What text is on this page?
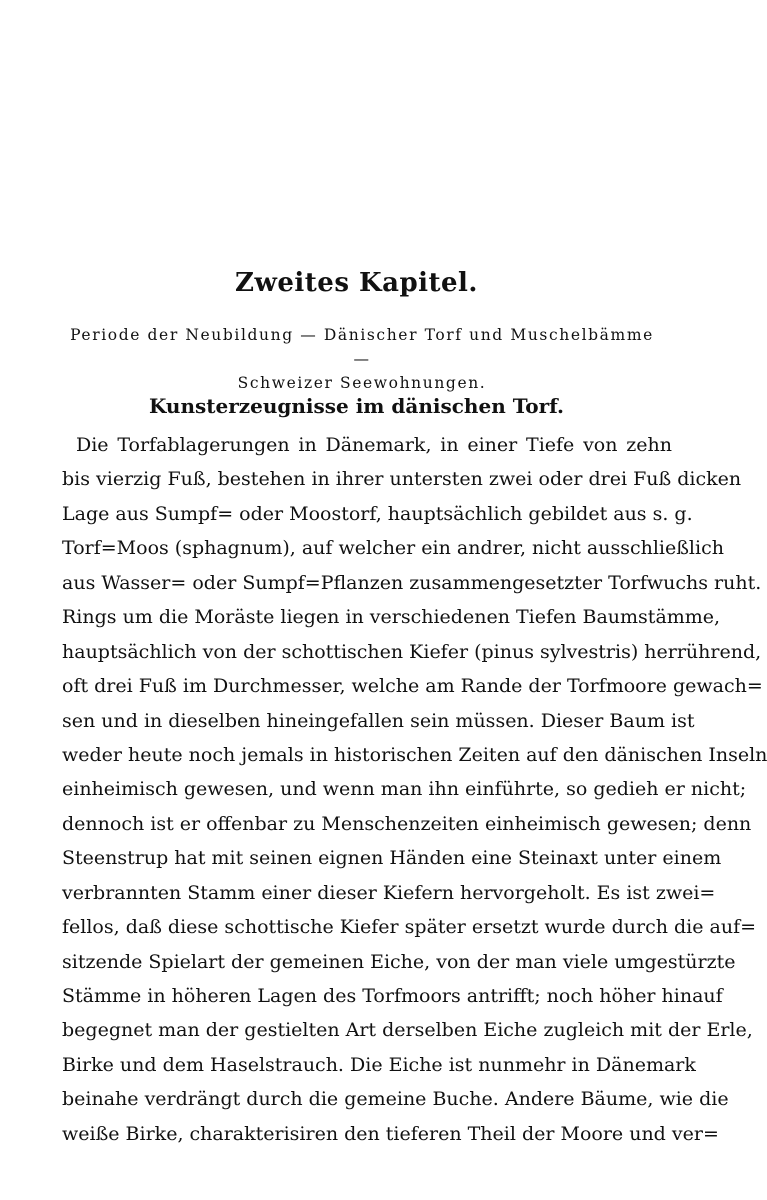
Zweites Kapitel.
Periode der Neubildung — Dänischer Torf und Muschelbämme —
Schweizer Seewohnungen.
Kunsterzeugnisse im dänischen Torf.
Die Torfablagerungen in Dänemark, in einer Tiefe von zehn
bis vierzig Fuß, bestehen in ihrer untersten zwei oder drei Fuß dicken
Lage aus Sumpf= oder Moostorf, hauptsächlich gebildet aus s. g.
Torf=Moos (sphagnum), auf welcher ein andrer, nicht ausschließlich
aus Wasser= oder Sumpf=Pflanzen zusammengesetzter Torfwuchs ruht.
Rings um die Moräste liegen in verschiedenen Tiefen Baumstämme,
hauptsächlich von der schottischen Kiefer (pinus sylvestris) herrührend,
oft drei Fuß im Durchmesser, welche am Rande der Torfmoore gewach=
sen und in dieselben hineingefallen sein müssen. Dieser Baum ist
weder heute noch jemals in historischen Zeiten auf den dänischen Inseln
einheimisch gewesen, und wenn man ihn einführte, so gedieh er nicht;
dennoch ist er offenbar zu Menschenzeiten einheimisch gewesen; denn
Steenstrup hat mit seinen eignen Händen eine Steinaxt unter einem
verbrannten Stamm einer dieser Kiefern hervorgeholt. Es ist zwei=
fellos, daß diese schottische Kiefer später ersetzt wurde durch die auf=
sitzende Spielart der gemeinen Eiche, von der man viele umgestürzte
Stämme in höheren Lagen des Torfmoors antrifft; noch höher hinauf
begegnet man der gestielten Art derselben Eiche zugleich mit der Erle,
Birke und dem Haselstrauch. Die Eiche ist nunmehr in Dänemark
beinahe verdrängt durch die gemeine Buche. Andere Bäume, wie die
weiße Birke, charakterisiren den tieferen Theil der Moore und ver=
